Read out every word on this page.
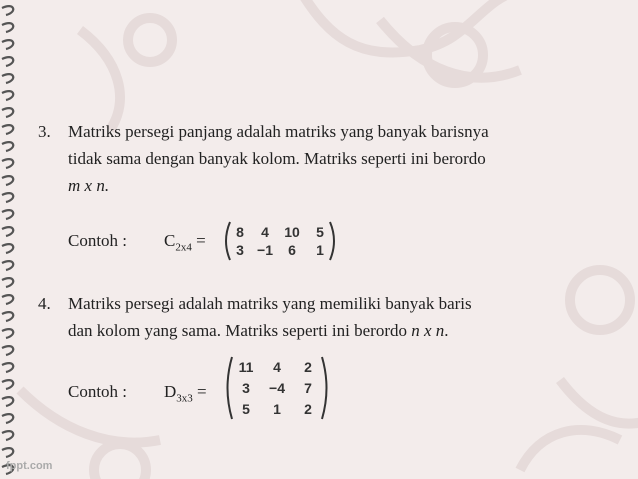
3. Matriks persegi panjang adalah matriks yang banyak barisnya
tidak sama dengan banyak kolom. Matriks seperti ini berordo
m x n.
Contoh : $C_{2x4} = 8$ 4 10 5
3 −1 6 1
4. Matriks persegi adalah matriks yang memiliki banyak baris
dan kolom yang sama. Matriks seperti ini berordo n x n.
Contoh : $D_{3x3}$ =
11 4 2
3 −4 7
5 1 2
fppt.com
